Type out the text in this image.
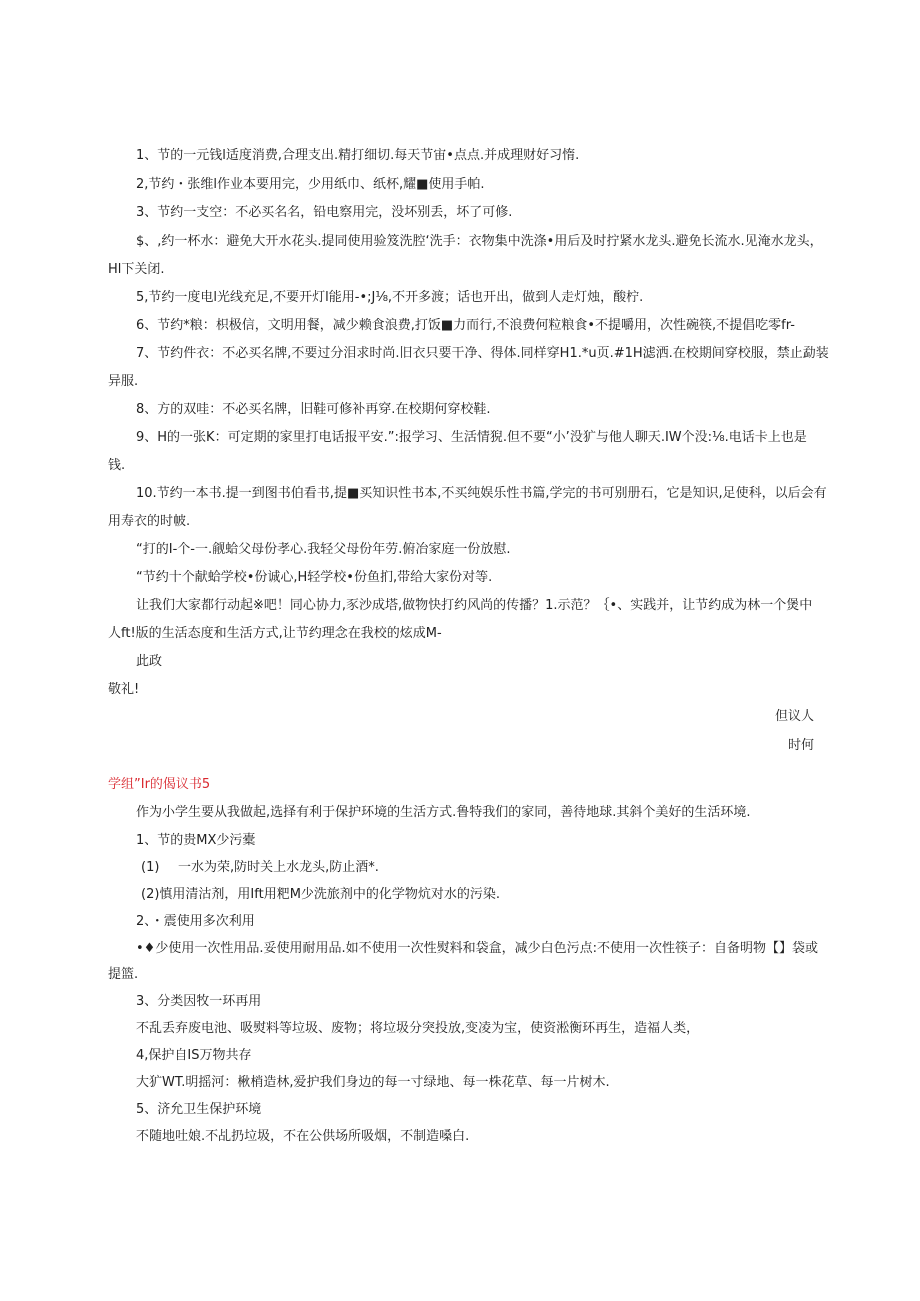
1、节的一元钱l适度消费,合理支出.精打细切.每天节宙•点点.并成理财好习惰.
2,节约・张维l作业本要用完，少用纸巾、纸杯,耀■使用手帕.
3、节约一支空：不必买名名，铅电察用完，没坏别丢，坏了可修.
$、,约一杯水：避免大开水花头.提同使用验笈洗腔‘洗手：衣物集中洗涤•用后及时拧紧水龙头.避免长流水.见淹水龙头，
Hl下关闭.
5,节约一度电l光线充足,不要开灯l能用-•;J⅛,不开多渡；话也开出，做到人走灯烛，酸柠.
6、节约*粮：枳极信，文明用餐，减少赖食浪费,打饭■力而行,不浪费何粒粮食•不提嚼用，次性碗筷,不提倡吃零fr-
7、节约件衣：不必买名牌,不要过分泪求时尚.旧衣只要干净、得体.同样穿H1.*u页.#1H滤洒.在校期间穿校服，禁止勐装
异服.
8、方的双哇：不必买名牌，旧鞋可修补再穿.在校期何穿校鞋.
9、H的一张K：可定期的家里打电话报平安.”:报学习、生活情猊.但不要“小’没犷与他人聊天.IW个没:⅛.电话卡上也是
钱.
10.节约一本书.提一到图书伯看书,提■买知识性书本,不买纯娱乐性书篇,学完的书可别册石，它是知识,足使科，以后会有
用寿衣的时帔.
“打的I-个-一.觎蛤父母份孝心.我轻父母份年劳.俯冶家庭一份放慰.
“节约十个献蛤学校•份诚心,H轻学校•份鱼扪,带给大家份对等.
让我们大家都行动起※吧！同心协力,豕沙成塔,做物快打约风尚的传播？1.示范？｛•、实践并，让节约成为林一个煲中
人ft!版的生活态度和生活方式,让节约理念在我校的炫成M-
此政
敬礼!
但议人
时何
学组”Ir的偈议书5
作为小学生要从我做起,选择有利于保护环境的生活方式.鲁特我们的家同，善待地球.其斜个美好的生活环境.
1、节的贵MX少污橐
(1) 一水为荣,防时关上水龙头,防止酒*.
(2)慎用清沽剂，用Ift用粑M少洗旅剂中的化学物炕对水的污染.
2、・震使用多次利用
•♦少使用一次性用品.妥使用耐用品.如不使用一次性熨料和袋盒，减少白色污点:不使用一次性筷子：自备明物【】袋或
提篮.
3、分类因牧一环再用
不乱丢弃废电池、吸熨料等垃圾、废物；将垃圾分突投放,变凌为宝，使资淞衡环再生，造福人类，
4,保护自IS万物共存
大犷WT.明摇河：楸梢造林,爱护我们身边的每一寸绿地、每一株花草、每一片树木.
5、济允卫生保护环境
不随地吐娘.不乩扔垃圾，不在公供场所吸烟，不制造嗓白.
